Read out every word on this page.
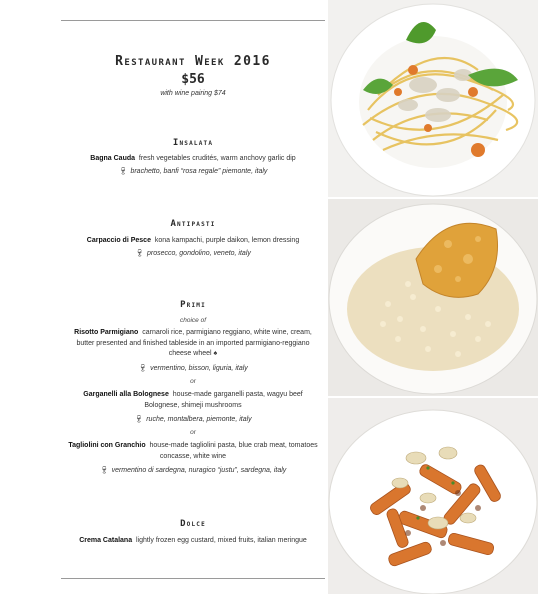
Restaurant Week 2016
$56
with wine pairing $74
Insalata
Bagna Cauda fresh vegetables crudités, warm anchovy garlic dip
🍷︎ brachetto, banfi “rosa regale” piemonte, italy
Antipasti
Carpaccio di Pesce kona kampachi, purple daikon, lemon dressing
🍷︎ prosecco, gondolino, veneto, italy
Primi
choice of
Risotto Parmigiano carnaroli rice, parmigiano reggiano, white wine, cream, butter presented and finished tableside in an imported parmigiano-reggiano cheese wheel ♠︎
🍷︎ vermentino, bisson, liguria, italy
or
Garganelli alla Bolognese house-made garganelli pasta, wagyu beef Bolognese, shimeji mushrooms
🍷︎ ruche, montalbera, piemonte, italy
or
Tagliolini con Granchio house-made tagliolini pasta, blue crab meat, tomatoes concasse, white wine
🍷︎ vermentino di sardegna, nuragico “justu”, sardegna, italy
Dolce
Crema Catalana lightly frozen egg custard, mixed fruits, italian meringue
